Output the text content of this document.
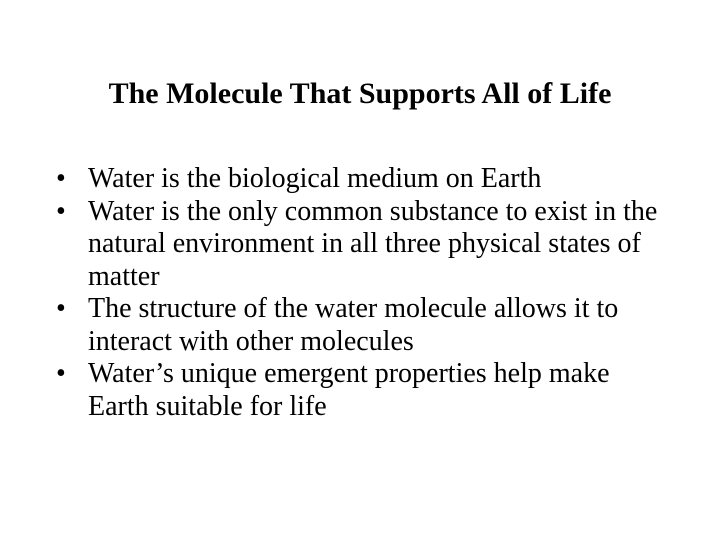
The Molecule That Supports All of Life
• Water is the biological medium on Earth
• Water is the only common substance to exist in the natural environment in all three physical states of matter
• The structure of the water molecule allows it to interact with other molecules
• Water’s unique emergent properties help make Earth suitable for life
